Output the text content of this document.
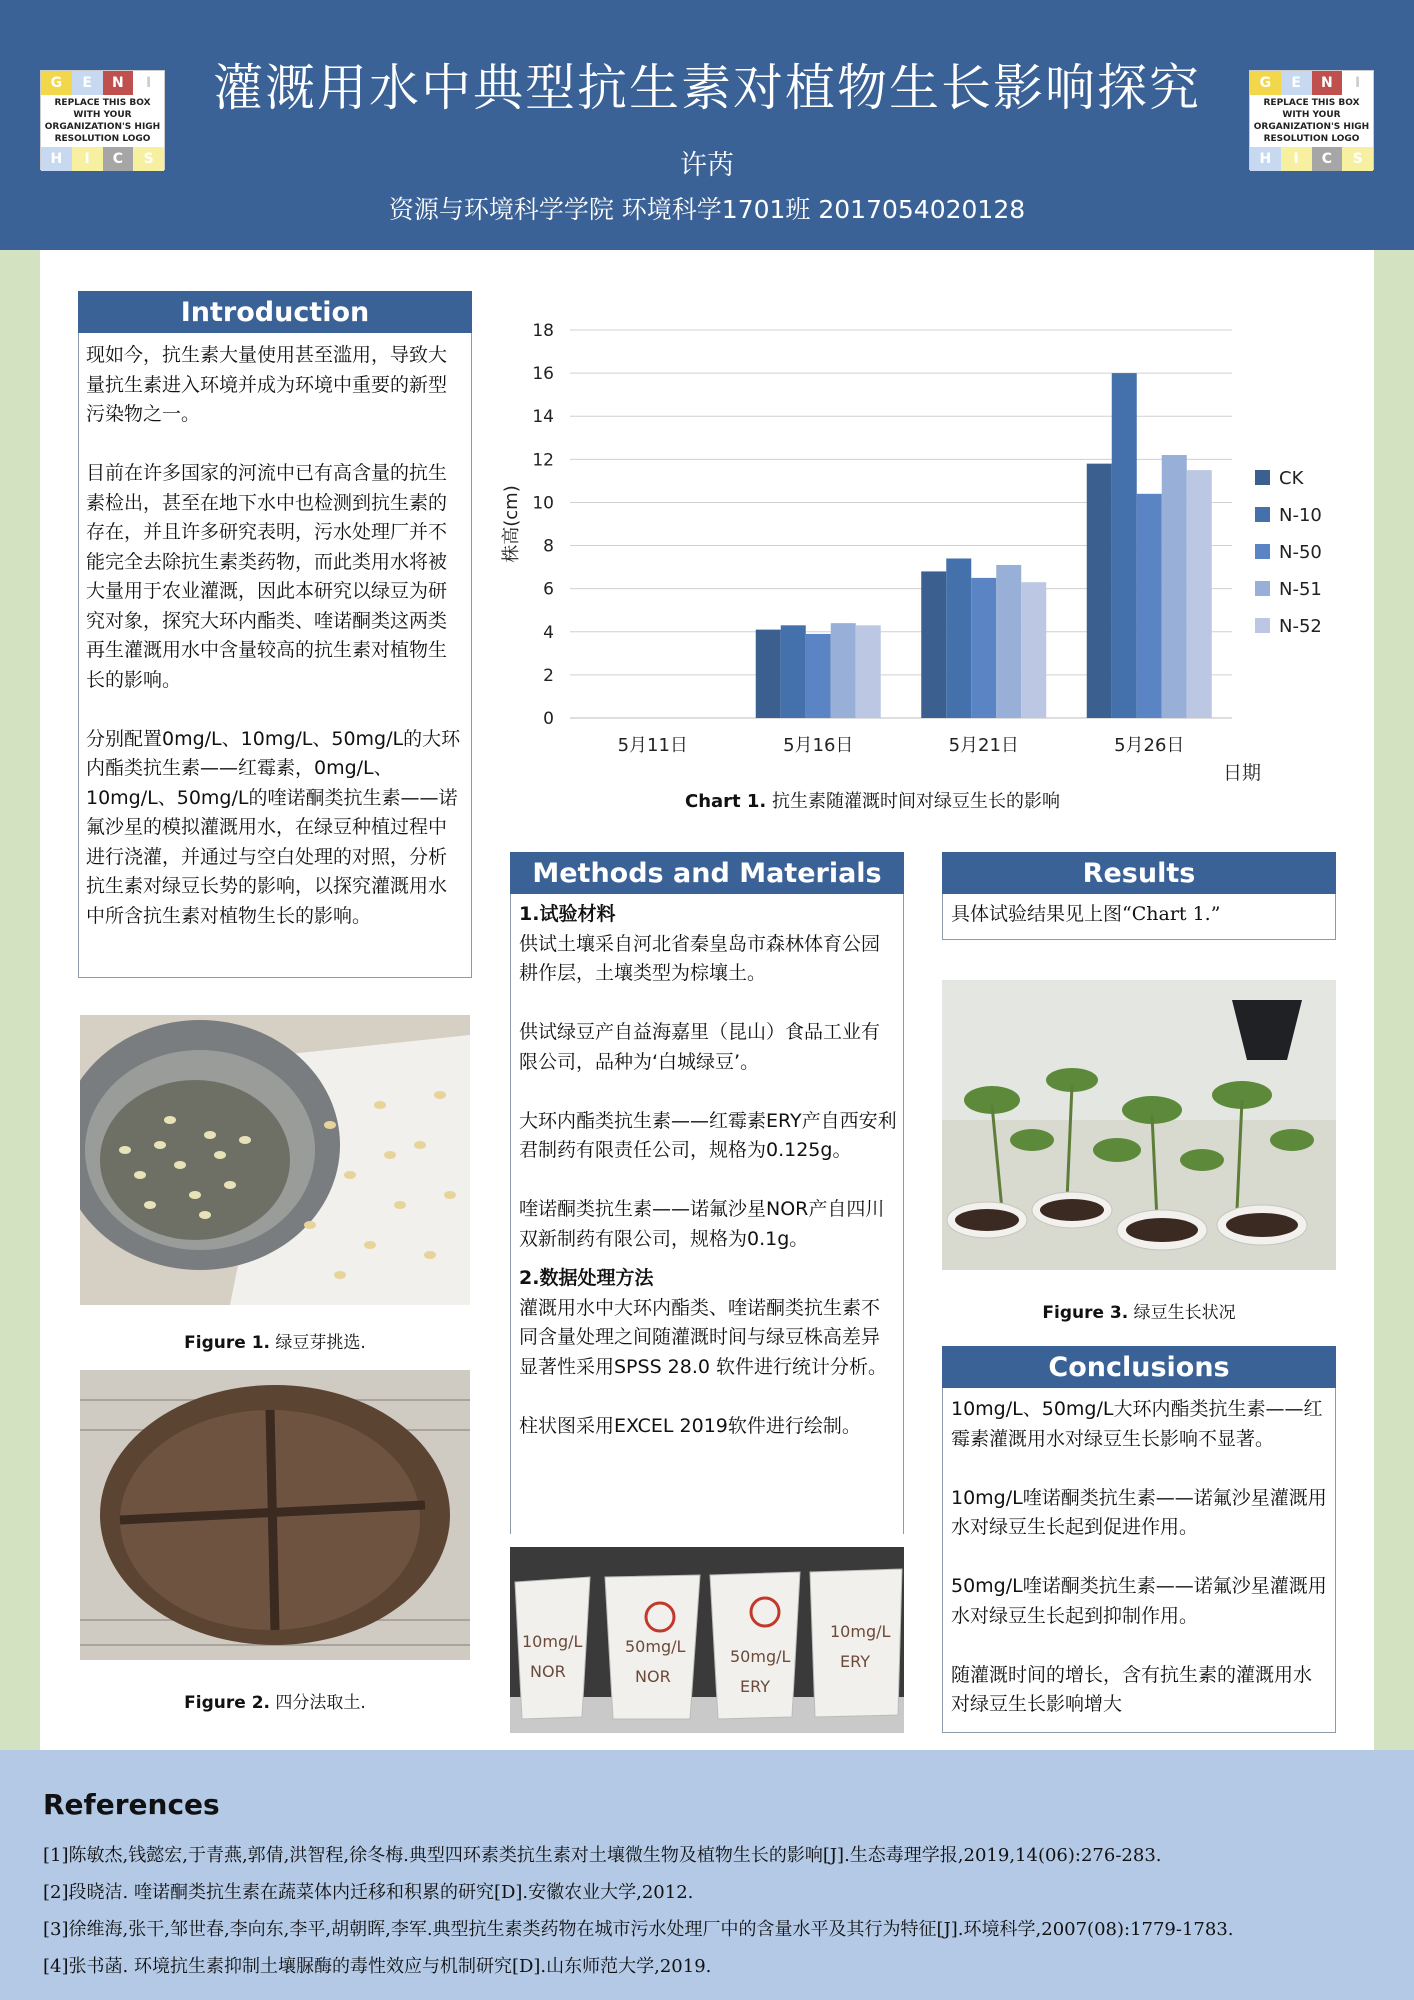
灌溉用水中典型抗生素对植物生长影响探究
许芮
资源与环境科学学院 环境科学1701班 2017054020128
G	E	N	I
REPLACE THIS BOX WITH YOUR ORGANIZATION'S HIGH RESOLUTION LOGO
H	I	C	S
G	E	N	I
REPLACE THIS BOX WITH YOUR ORGANIZATION'S HIGH RESOLUTION LOGO
H	I	C	S
Introduction

现如今，抗生素大量使用甚至滥用，导致大量抗生素进入环境并成为环境中重要的新型污染物之一。

目前在许多国家的河流中已有高含量的抗生素检出，甚至在地下水中也检测到抗生素的存在，并且许多研究表明，污水处理厂并不能完全去除抗生素类药物，而此类用水将被大量用于农业灌溉，因此本研究以绿豆为研究对象，探究大环内酯类、喹诺酮类这两类再生灌溉用水中含量较高的抗生素对植物生长的影响。

分别配置0mg/L、10mg/L、50mg/L的大环内酯类抗生素——红霉素，0mg/L、10mg/L、50mg/L的喹诺酮类抗生素——诺氟沙星的模拟灌溉用水，在绿豆种植过程中进行浇灌，并通过与空白处理的对照，分析抗生素对绿豆长势的影响，以探究灌溉用水中所含抗生素对植物生长的影响。

Figure 1. 绿豆芽挑选.
Figure 2. 四分法取土.
0
2
4
6
8
10
12
14
16
18
株高(cm)
5月11日	5月16日	5月21日	5月26日
日期
CK
N-10
N-50
N-51
N-52
Chart 1. 抗生素随灌溉时间对绿豆生长的影响
Methods and Materials
1.试验材料

供试土壤采自河北省秦皇岛市森林体育公园耕作层，土壤类型为棕壤土。

供试绿豆产自益海嘉里（昆山）食品工业有限公司，品种为‘白城绿豆’。

大环内酯类抗生素——红霉素ERY产自西安利君制药有限责任公司，规格为0.125g。

喹诺酮类抗生素——诺氟沙星NOR产自四川双新制药有限公司，规格为0.1g。

2.数据处理方法

灌溉用水中大环内酯类、喹诺酮类抗生素不同含量处理之间随灌溉时间与绿豆株高差异显著性采用SPSS 28.0 软件进行统计分析。

柱状图采用EXCEL 2019软件进行绘制。

10mg/L
NOR
50mg/L
NOR
50mg/L
ERY
10mg/L
ERY
Results
具体试验结果见上图“Chart 1.”
Figure 3. 绿豆生长状况
Conclusions

10mg/L、50mg/L大环内酯类抗生素——红霉素灌溉用水对绿豆生长影响不显著。

10mg/L喹诺酮类抗生素——诺氟沙星灌溉用水对绿豆生长起到促进作用。

50mg/L喹诺酮类抗生素——诺氟沙星灌溉用水对绿豆生长起到抑制作用。

随灌溉时间的增长，含有抗生素的灌溉用水对绿豆生长影响增大

References
[1]陈敏杰,钱懿宏,于青燕,郭倩,洪智程,徐冬梅.典型四环素类抗生素对土壤微生物及植物生长的影响[J].生态毒理学报,2019,14(06):276-283.
[2]段晓洁. 喹诺酮类抗生素在蔬菜体内迁移和积累的研究[D].安徽农业大学,2012.
[3]徐维海,张干,邹世春,李向东,李平,胡朝晖,李军.典型抗生素类药物在城市污水处理厂中的含量水平及其行为特征[J].环境科学,2007(08):1779-1783.
[4]张书菡. 环境抗生素抑制土壤脲酶的毒性效应与机制研究[D].山东师范大学,2019.
